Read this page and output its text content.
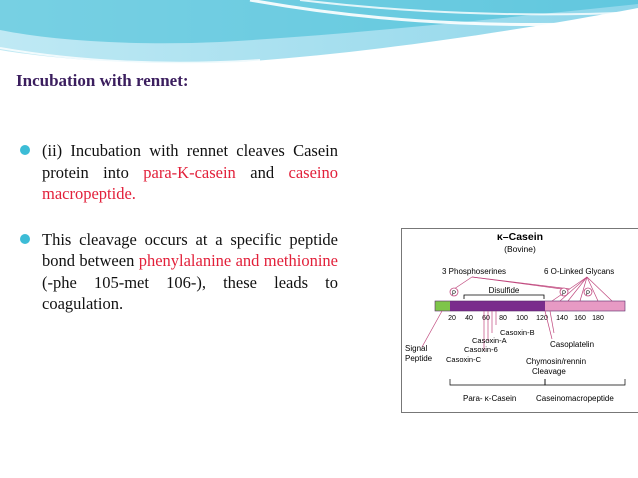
Incubation with rennet:
(ii) Incubation with rennet cleaves Casein protein into para-K-casein and caseino macropeptide.
This cleavage occurs at a specific peptide bond between phenylalanine and methionine (-phe 105-met 106-), these leads to coagulation.
κ–Casein
(Bovine)
3 Phosphoserines	6 O-Linked Glycans
P	P	P
Disulfide
20 40 60 80 100 120 140 160 180
Signal
Peptide
Casoxin-B
Casoxin-A
Casoxin-6
Casoxin-C
Casoplatelin
Chymosin/rennin
Cleavage
Para- κ-Casein Caseinomacropeptide
